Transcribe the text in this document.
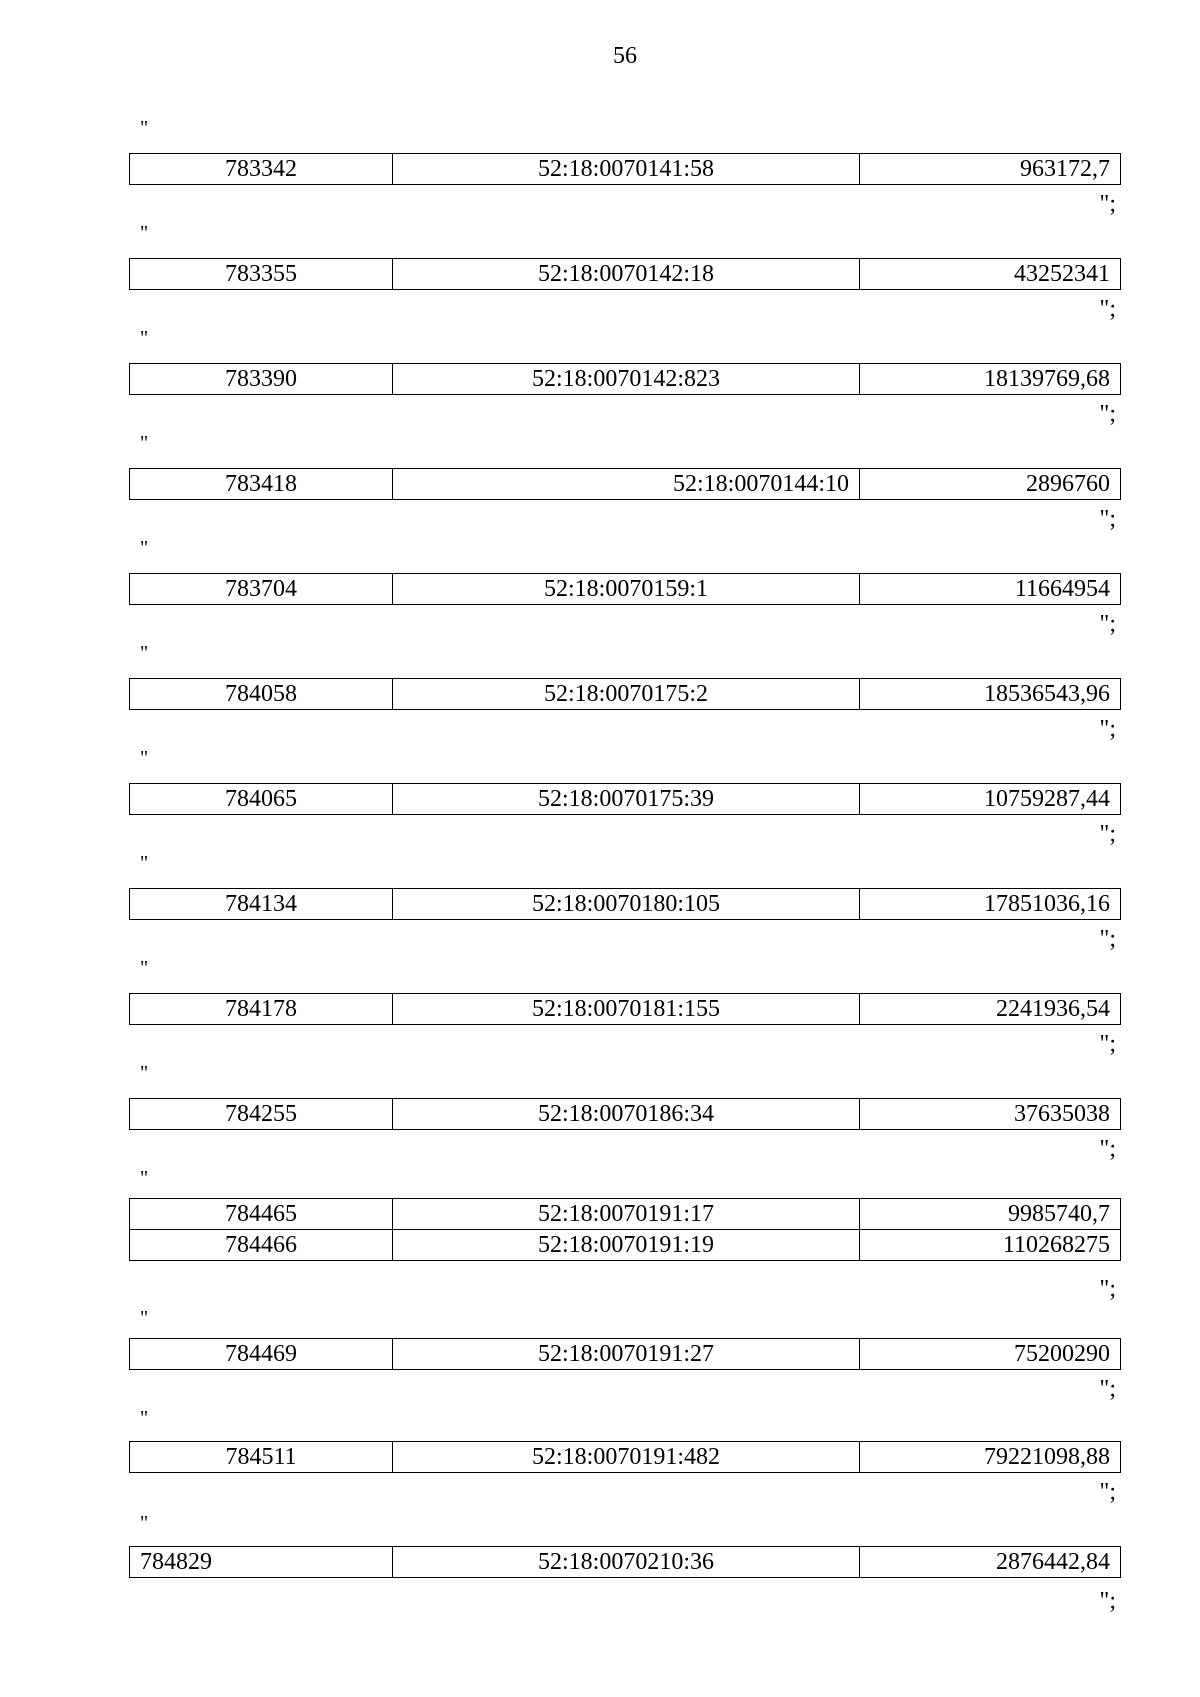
56
"
783342	52:18:0070141:58	963172,7
";
"
783355	52:18:0070142:18	43252341
";
"
783390	52:18:0070142:823	18139769,68
";
"
783418	52:18:0070144:10	2896760
";
"
783704	52:18:0070159:1	11664954
";
"
784058	52:18:0070175:2	18536543,96
";
"
784065	52:18:0070175:39	10759287,44
";
"
784134	52:18:0070180:105	17851036,16
";
"
784178	52:18:0070181:155	2241936,54
";
"
784255	52:18:0070186:34	37635038
";
"
784465	52:18:0070191:17	9985740,7
784466	52:18:0070191:19	110268275
";
"
784469	52:18:0070191:27	75200290
";
"
784511	52:18:0070191:482	79221098,88
";
"
784829	52:18:0070210:36	2876442,84
";
